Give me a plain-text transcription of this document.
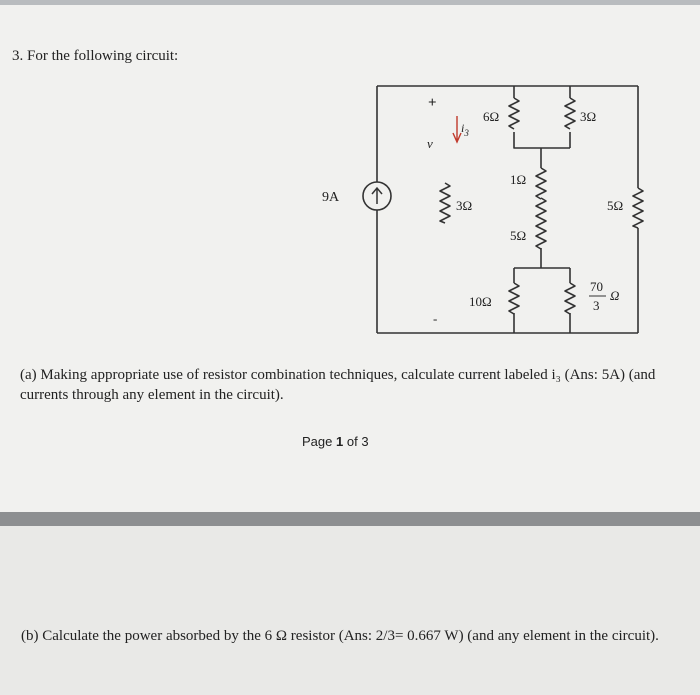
3. For the following circuit:
9A
+
v
-
$i_3$
6Ω	3Ω
1Ω
3Ω
5Ω
5Ω
10Ω
70
3
Ω
(a) Making appropriate use of resistor combination techniques, calculate current labeled i₃ (Ans: 5A) (and currents through any element in the circuit).
Page 1 of 3
(b) Calculate the power absorbed by the 6 Ω resistor (Ans: 2/3= 0.667 W) (and any element in the circuit).
